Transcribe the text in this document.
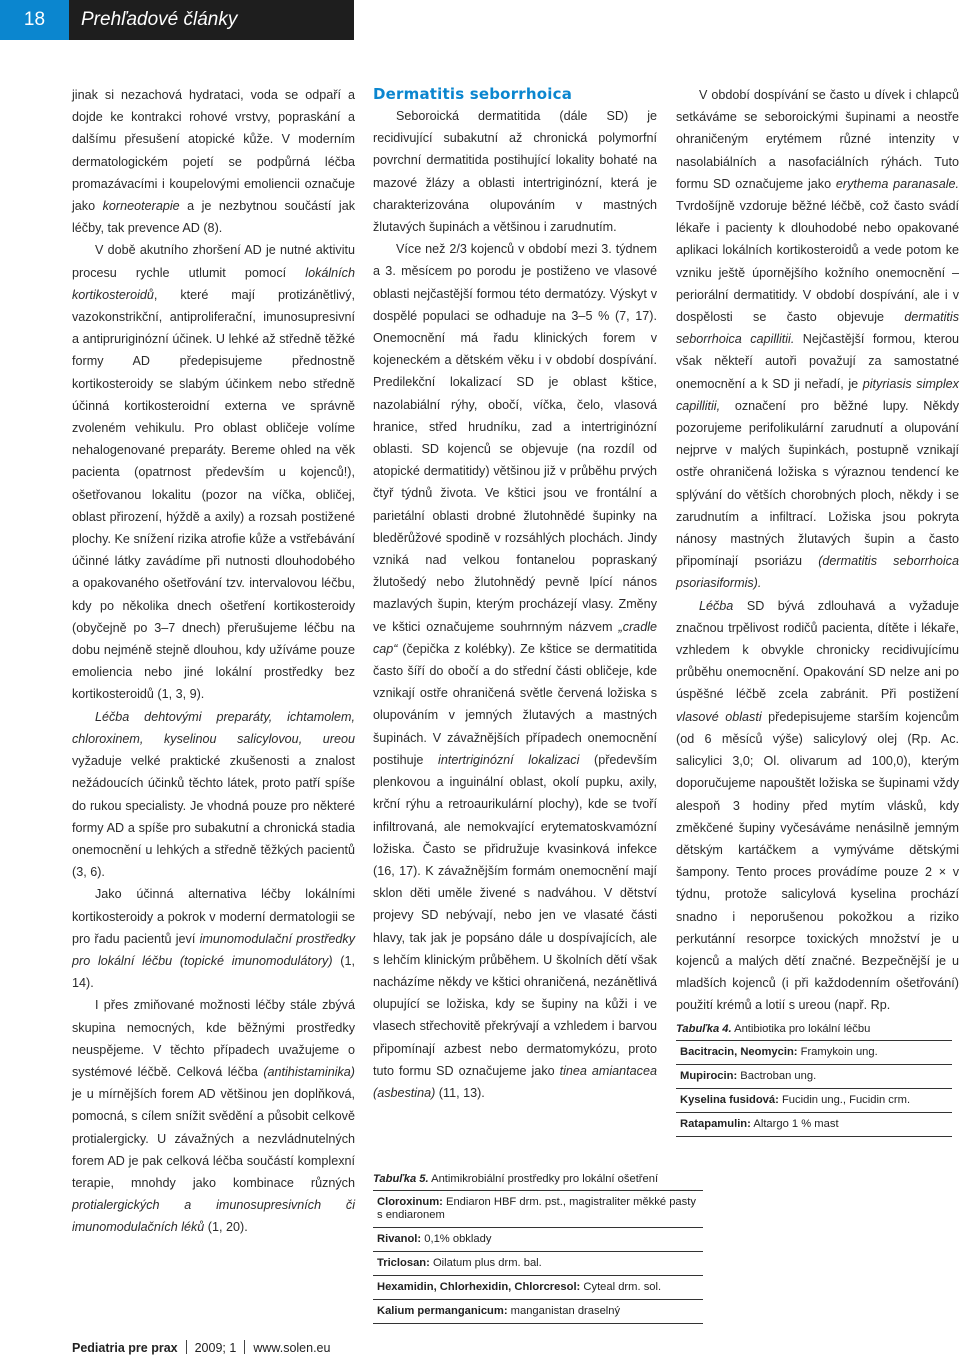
18	Prehľadové články

jinak si nezachová hydrataci, voda se odpaří a dojde ke kontrakci rohové vrstvy, popraskání a dalšímu přesušení atopické kůže. V moderním dermatologickém pojetí se podpůrná léčba promazávacími i koupelovými emoliencii označuje jako korneoterapie a je nezbytnou součástí jak léčby, tak prevence AD (8).

V době akutního zhoršení AD je nutné aktivitu procesu rychle utlumit pomocí lokálních kortikosteroidů, které mají protizánětlivý, vazokonstrikční, antiproliferační, imunosupresivní a antipruriginózní účinek. U lehké až středně těžké formy AD předepisujeme přednostně kortikosteroidy se slabým účinkem nebo středně účinná kortikosteroidní externa ve správně zvoleném vehikulu. Pro oblast obličeje volíme nehalogenované preparáty. Bereme ohled na věk pacienta (opatrnost především u kojenců!), ošetřovanou lokalitu (pozor na víčka, obličej, oblast přirození, hýždě a axily) a rozsah postižené plochy. Ke snížení rizika atrofie kůže a vstřebávání účinné látky zavádíme při nutnosti dlouhodobého a opakovaného ošetřování tzv. intervalovou léčbu, kdy po několika dnech ošetření kortikosteroidy (obyčejně po 3–7 dnech) přerušujeme léčbu na dobu nejméně stejně dlouhou, kdy užíváme pouze emoliencia nebo jiné lokální prostředky bez kortikosteroidů (1, 3, 9).

Léčba dehtovými preparáty, ichtamolem, chloroxinem, kyselinou salicylovou, ureou vyžaduje velké praktické zkušenosti a znalost nežádoucích účinků těchto látek, proto patří spíše do rukou specialisty. Je vhodná pouze pro některé formy AD a spíše pro subakutní a chronická stadia onemocnění u lehkých a středně těžkých pacientů (3, 6).

Jako účinná alternativa léčby lokálními kortikosteroidy a pokrok v moderní dermatologii se pro řadu pacientů jeví imunomodulační prostředky pro lokální léčbu (topické imunomodulátory) (1, 14).

I přes zmiňované možnosti léčby stále zbývá skupina nemocných, kde běžnými prostředky neuspějeme. V těchto případech uvažujeme o systémové léčbě. Celková léčba (antihistaminika) je u mírnějších forem AD většinou jen doplňková, pomocná, s cílem snížit svědění a působit celkově protialergicky. U závažných a nezvládnutelných forem AD je pak celková léčba součástí komplexní terapie, mnohdy jako kombinace různých protialergických a imunosupresivních či imunomodulačních léků (1, 20).

Dermatitis seborrhoica

Seboroická dermatitida (dále SD) je recidivující subakutní až chronická polymorfní povrchní dermatitida postihující lokality bohaté na mazové žlázy a oblasti intertriginózní, která je charakterizována olupováním v mastných žlutavých šupinách a většinou i zarudnutím.

Více než 2/3 kojenců v období mezi 3. týdnem a 3. měsícem po porodu je postiženo ve vlasové oblasti nejčastější formou této dermatózy. Výskyt v dospělé populaci se odhaduje na 3–5 % (7, 17). Onemocnění má řadu klinických forem v kojeneckém a dětském věku i v období dospívání. Predilekční lokalizací SD je oblast kštice, nazolabiální rýhy, obočí, víčka, čelo, vlasová hranice, střed hrudníku, zad a intertriginózní oblasti. SD kojenců se objevuje (na rozdíl od atopické dermatitidy) většinou již v průběhu prvých čtyř týdnů života. Ve kštici jsou ve frontální a parietální oblasti drobné žlutohnědé šupinky na bleděrůžové spodině v rozsáhlých plochách. Jindy vzniká nad velkou fontanelou popraskaný žlutošedý nebo žlutohnědý pevně lpící nános mazlavých šupin, kterým procházejí vlasy. Změny ve kštici označujeme souhrnným názvem „cradle cap“ (čepička z kolébky). Ze kštice se dermatitida často šíří do obočí a do střední části obličeje, kde vznikají ostře ohraničená světle červená ložiska s olupováním v jemných žlutavých a mastných šupinách. V závažnějších případech onemocnění postihuje intertriginózní lokalizaci (především plenkovou a inguinální oblast, okolí pupku, axily, krční rýhu a retroaurikulární plochy), kde se tvoří infiltrovaná, ale nemokvající erytematoskvamózní ložiska. Často se přidružuje kvasinková infekce (16, 17). K závažnějším formám onemocnění mají sklon děti uměle živené s nadváhou. V dětství projevy SD nebývají, nebo jen ve vlasaté části hlavy, tak jak je popsáno dále u dospívajících, ale s lehčím klinickým průběhem. U školních dětí však nacházíme někdy ve kštici ohraničená, nezánětlivá olupující se ložiska, kdy se šupiny na kůži i ve vlasech střechovitě překrývají a vzhledem i barvou připomínají azbest nebo dermatomykózu, proto tuto formu SD označujeme jako tinea amiantacea (asbestina) (11, 13).

V období dospívání se často u dívek i chlapců setkáváme se seboroickými šupinami a neostře ohraničeným erytémem různé intenzity v nasolabiálních a nasofaciálních rýhách. Tuto formu SD označujeme jako erythema paranasale. Tvrdošíjně vzdoruje běžné léčbě, což často svádí lékaře i pacienty k dlouhodobé nebo opakované aplikaci lokálních kortikosteroidů a vede potom ke vzniku ještě úpornějšího kožního onemocnění – periorální dermatitidy. V období dospívání, ale i v dospělosti se často objevuje dermatitis seborrhoica capillitii. Nejčastější formou, kterou však někteří autoři považují za samostatné onemocnění a k SD ji neřadí, je pityriasis simplex capillitii, označení pro běžné lupy. Někdy pozorujeme perifolikulární zarudnutí a olupování nejprve v malých šupinkách, postupně vznikají ostře ohraničená ložiska s výraznou tendencí ke splývání do větších chorobných ploch, někdy i se zarudnutím a infiltrací. Ložiska jsou pokryta nánosy mastných žlutavých šupin a často připomínají psoriázu (dermatitis seborrhoica psoriasiformis).

Léčba SD bývá zdlouhavá a vyžaduje značnou trpělivost rodičů pacienta, dítěte i lékaře, vzhledem k obvykle chronicky recidivujícímu průběhu onemocnění. Opakování SD nelze ani po úspěšné léčbě zcela zabránit. Při postižení vlasové oblasti předepisujeme starším kojencům (od 6 měsíců výše) salicylový olej (Rp. Ac. salicylici 3,0; Ol. olivarum ad 100,0), kterým doporučujeme napouštět ložiska se šupinami vždy alespoň 3 hodiny před mytím vlásků, kdy změkčené šupiny vyčesáváme nenásilně jemným dětským kartáčkem a vymýváme dětskými šampony. Tento proces provádíme pouze 2 × v týdnu, protože salicylová kyselina prochází snadno i neporušenou pokožkou a riziko perkutánní resorpce toxických množství je u kojenců a malých dětí značné. Bezpečnější je u mladších kojenců (i při každodenním ošetřování) použití krémů a lotií s ureou (např. Rp.

Tabuľka 4. Antibiotika pro lokální léčbu
Bacitracin, Neomycin: Framykoin ung.
Mupirocin: Bactroban ung.
Kyselina fusidová: Fucidin ung., Fucidin crm.
Ratapamulin: Altargo 1 % mast
Tabuľka 5. Antimikrobiální prostředky pro lokální ošetření
Cloroxinum: Endiaron HBF drm. pst., magistraliter měkké pasty s endiaronem
Rivanol: 0,1% obklady
Triclosan: Oilatum plus drm. bal.
Hexamidin, Chlorhexidin, Chlorcresol: Cyteal drm. sol.
Kalium permanganicum: manganistan draselný
Pediatria pre prax 2009; 1 www.solen.eu
